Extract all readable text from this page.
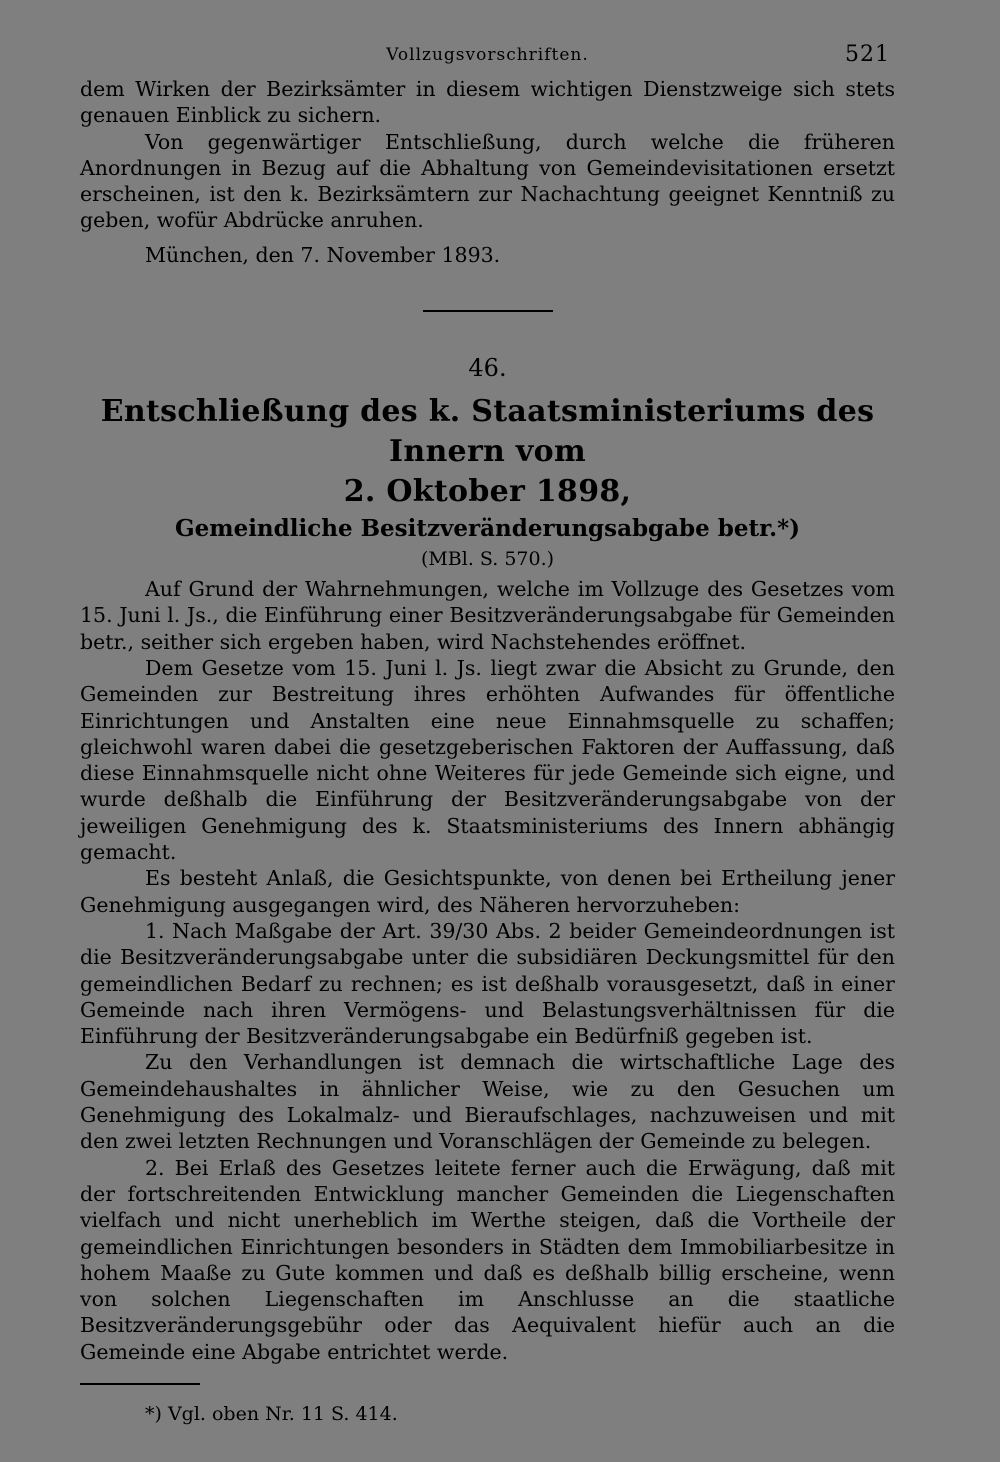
Vollzugsvorschriften.	521

dem Wirken der Bezirksämter in diesem wichtigen Dienstzweige sich stets genauen Einblick zu sichern.

Von gegenwärtiger Entschließung, durch welche die früheren Anordnungen in Bezug auf die Abhaltung von Gemeindevisitationen ersetzt erscheinen, ist den k. Bezirksämtern zur Nachachtung geeignet Kenntniß zu geben, wofür Abdrücke anruhen.

München, den 7. November 1893.

46.
Entschließung des k. Staatsministeriums des Innern vom
2. Oktober 1898,
Gemeindliche Besitzveränderungsabgabe betr.*)
(MBl. S. 570.)

Auf Grund der Wahrnehmungen, welche im Vollzuge des Gesetzes vom 15. Juni l. Js., die Einführung einer Besitzveränderungsabgabe für Gemeinden betr., seither sich ergeben haben, wird Nachstehendes eröffnet.

Dem Gesetze vom 15. Juni l. Js. liegt zwar die Absicht zu Grunde, den Gemeinden zur Bestreitung ihres erhöhten Aufwandes für öffentliche Einrichtungen und Anstalten eine neue Einnahmsquelle zu schaffen; gleichwohl waren dabei die gesetzgeberischen Faktoren der Auffassung, daß diese Einnahmsquelle nicht ohne Weiteres für jede Gemeinde sich eigne, und wurde deßhalb die Einführung der Besitzveränderungsabgabe von der jeweiligen Genehmigung des k. Staatsministeriums des Innern abhängig gemacht.

Es besteht Anlaß, die Gesichtspunkte, von denen bei Ertheilung jener Genehmigung ausgegangen wird, des Näheren hervorzuheben:

1. Nach Maßgabe der Art. 39/30 Abs. 2 beider Gemeindeordnungen ist die Besitzveränderungsabgabe unter die subsidiären Deckungsmittel für den gemeindlichen Bedarf zu rechnen; es ist deßhalb vorausgesetzt, daß in einer Gemeinde nach ihren Vermögens- und Belastungsverhältnissen für die Einführung der Besitzveränderungsabgabe ein Bedürfniß gegeben ist.

Zu den Verhandlungen ist demnach die wirtschaftliche Lage des Gemeindehaushaltes in ähnlicher Weise, wie zu den Gesuchen um Genehmigung des Lokalmalz- und Bieraufschlages, nachzuweisen und mit den zwei letzten Rechnungen und Voranschlägen der Gemeinde zu belegen.

2. Bei Erlaß des Gesetzes leitete ferner auch die Erwägung, daß mit der fortschreitenden Entwicklung mancher Gemeinden die Liegenschaften vielfach und nicht unerheblich im Werthe steigen, daß die Vortheile der gemeindlichen Einrichtungen besonders in Städten dem Immobiliarbesitze in hohem Maaße zu Gute kommen und daß es deßhalb billig erscheine, wenn von solchen Liegenschaften im Anschlusse an die staatliche Besitzveränderungsgebühr oder das Aequivalent hiefür auch an die Gemeinde eine Abgabe entrichtet werde.

*) Vgl. oben Nr. 11 S. 414.
